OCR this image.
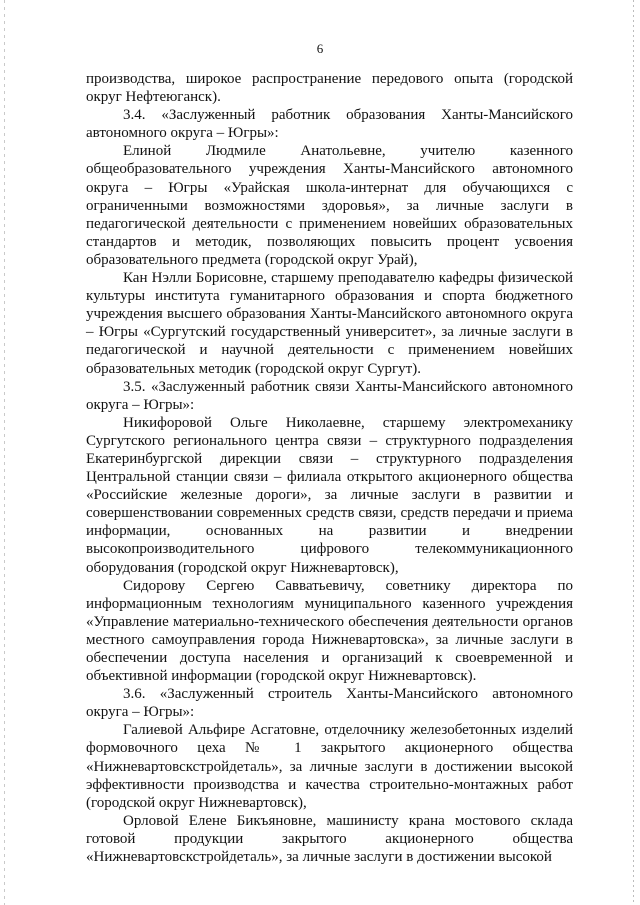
6

производства, широкое распространение передового опыта (городской округ Нефтеюганск).

3.4. «Заслуженный работник образования Ханты-Мансийского автономного округа – Югры»:

Елиной Людмиле Анатольевне, учителю казенного общеобразовательного учреждения Ханты-Мансийского автономного округа – Югры «Урайская школа-интернат для обучающихся с ограниченными возможностями здоровья», за личные заслуги в педагогической деятельности с применением новейших образовательных стандартов и методик, позволяющих повысить процент усвоения образовательного предмета (городской округ Урай),

Кан Нэлли Борисовне, старшему преподавателю кафедры физической культуры института гуманитарного образования и спорта бюджетного учреждения высшего образования Ханты-Мансийского автономного округа – Югры «Сургутский государственный университет», за личные заслуги в педагогической и научной деятельности с применением новейших образовательных методик (городской округ Сургут).

3.5. «Заслуженный работник связи Ханты-Мансийского автономного округа – Югры»:

Никифоровой Ольге Николаевне, старшему электромеханику Сургутского регионального центра связи – структурного подразделения Екатеринбургской дирекции связи – структурного подразделения Центральной станции связи – филиала открытого акционерного общества «Российские железные дороги», за личные заслуги в развитии и совершенствовании современных средств связи, средств передачи и приема информации, основанных на развитии и внедрении высокопроизводительного цифрового телекоммуникационного оборудования (городской округ Нижневартовск),

Сидорову Сергею Савватьевичу, советнику директора по информационным технологиям муниципального казенного учреждения «Управление материально-технического обеспечения деятельности органов местного самоуправления города Нижневартовска», за личные заслуги в обеспечении доступа населения и организаций к своевременной и объективной информации (городской округ Нижневартовск).

3.6. «Заслуженный строитель Ханты-Мансийского автономного округа – Югры»:

Галиевой Альфире Асгатовне, отделочнику железобетонных изделий формовочного цеха № 1 закрытого акционерного общества «Нижневартовскстройдеталь», за личные заслуги в достижении высокой эффективности производства и качества строительно-монтажных работ (городской округ Нижневартовск),

Орловой Елене Бикъяновне, машинисту крана мостового склада готовой продукции закрытого акционерного общества «Нижневартовскстройдеталь», за личные заслуги в достижении высокой
